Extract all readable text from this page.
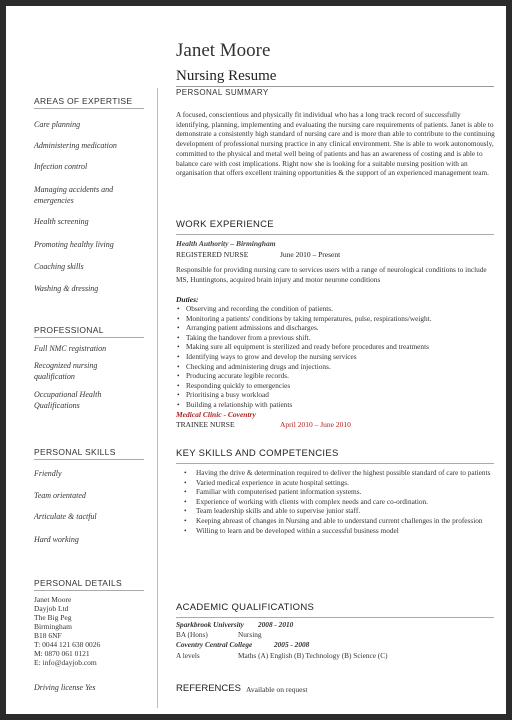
Janet Moore
Nursing Resume
PERSONAL SUMMARY
A focused, conscientious and physically fit individual who has a long track record of successfully identifying, planning, implementing and evaluating the nursing care requirements of patients. Janet is able to demonstrate a consistently high standard of nursing care and is more than able to contribute to the continuing development of professional nursing practice in any clinical environment. She is able to work autonomously, committed to the physical and metal well being of patients and has an awareness of costing and is able to balance care with cost implications. Right now she is looking for a suitable nursing position with an organisation that offers excellent training opportunities & the support of an experienced management team.
AREAS OF EXPERTISE
Care planning
Administering medication
Infection control
Managing accidents and emergencies
Health screening
Promoting healthy living
Coaching skills
Washing & dressing
PROFESSIONAL
Full NMC registration
Recognized nursing qualification
Occupational Health Qualifications
PERSONAL SKILLS
Friendly
Team orientated
Articulate & tactful
Hard working
PERSONAL DETAILS
Janet Moore
Dayjob Ltd
The Big Peg
Birmingham
B18 6NF
T: 0044 121 638 0026
M: 0870 061 0121
E: info@dayjob.com
Driving license Yes
WORK EXPERIENCE
Health Authority – Birmingham
REGISTERED NURSE	June 2010 – Present
Responsible for providing nursing care to services users with a range of neurological conditions to include MS, Huntingtons, acquired brain injury and motor neurone conditions
Duties:
• Observing and recording the condition of patients.
• Monitoring a patients' conditions by taking temperatures, pulse, respirations/weight.
• Arranging patient admissions and discharges.
• Taking the handover from a previous shift.
• Making sure all equipment is sterilized and ready before procedures and treatments
• Identifying ways to grow and develop the nursing services
• Checking and administering drugs and injections.
• Producing accurate legible records.
• Responding quickly to emergencies
• Prioritising a busy workload
• Building a relationship with patients
Medical Clinic - Coventry
TRAINEE NURSE	April 2010 – June 2010
KEY SKILLS AND COMPETENCIES
• Having the drive & determination required to deliver the highest possible standard of care to patients
• Varied medical experience in acute hospital settings.
• Familiar with computerised patient information systems.
• Experience of working with clients with complex needs and care co-ordination.
• Team leadership skills and able to supervise junior staff.
• Keeping abreast of changes in Nursing and able to understand current challenges in the profession
• Willing to learn and be developed within a successful business model
ACADEMIC QUALIFICATIONS
Sparkbrook University 2008 - 2010
BA (Hons)	Nursing
Coventry Central College	2005 - 2008
A levels	Maths (A) English (B) Technology (B) Science (C)
REFERENCES Available on request
